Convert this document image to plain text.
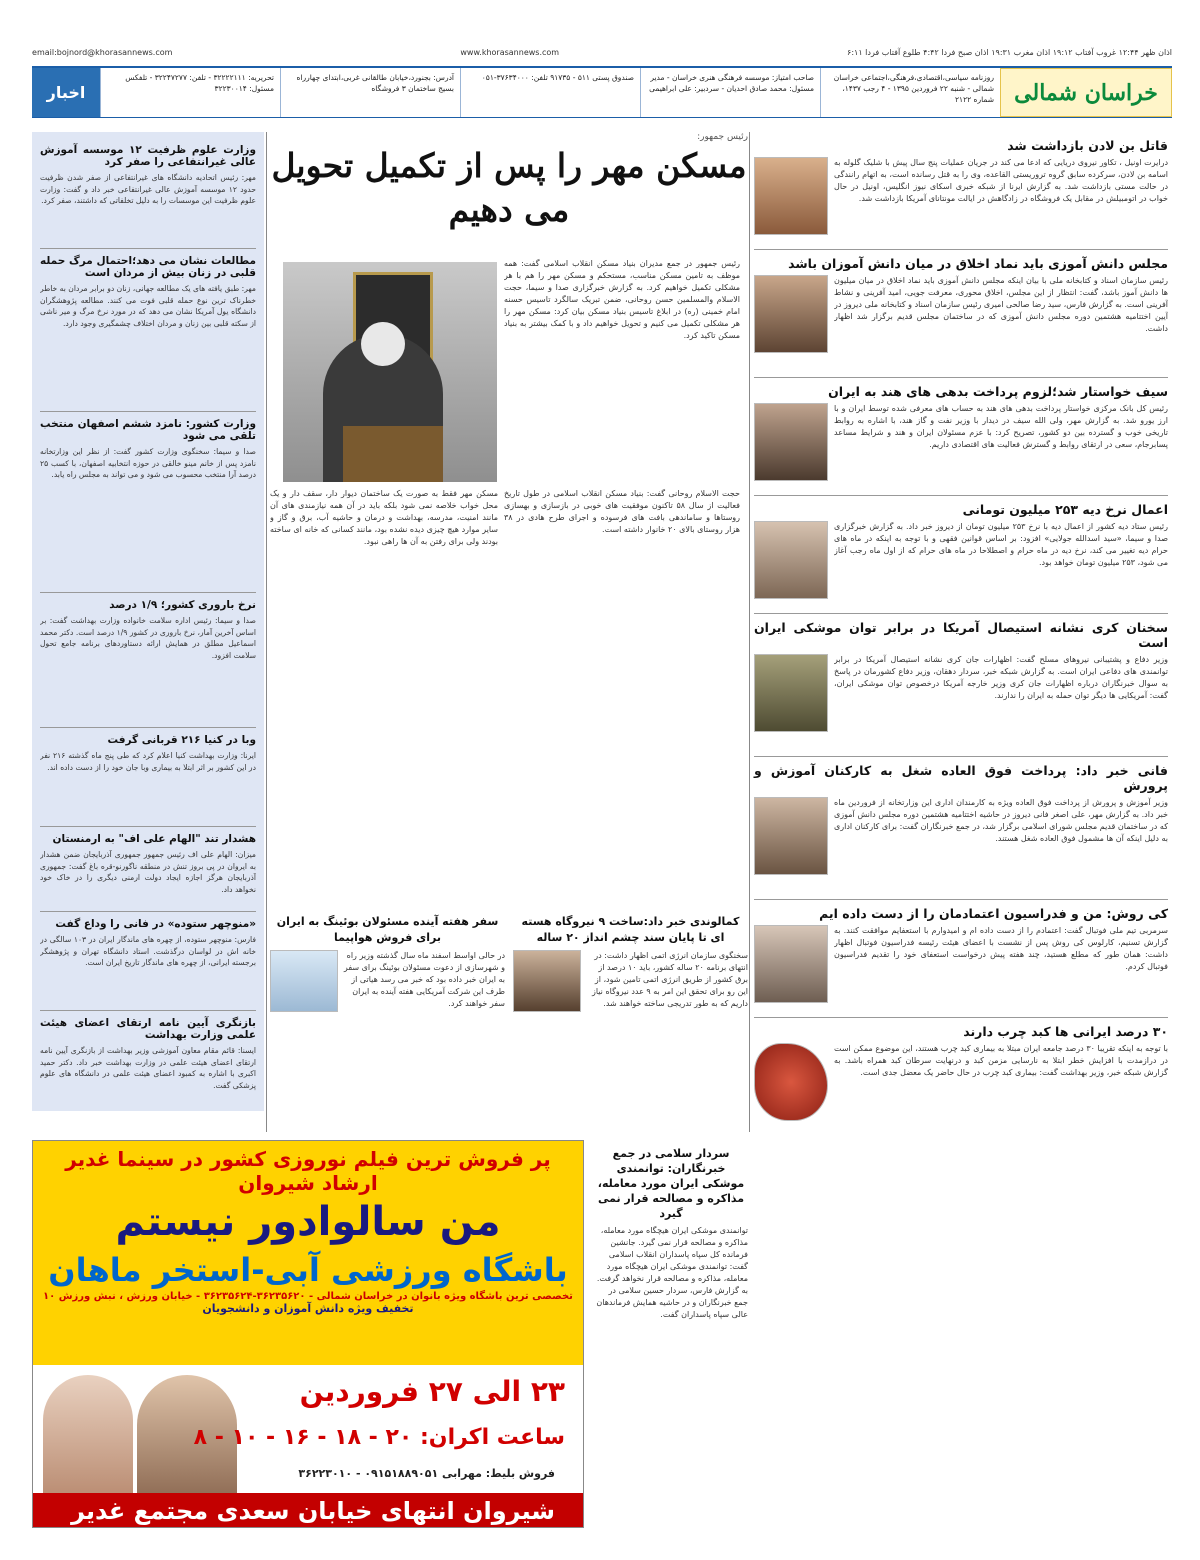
اذان ظهر ۱۲:۴۴ غروب آفتاب ۱۹:۱۲ اذان مغرب ۱۹:۳۱ اذان صبح فردا ۴:۴۲ طلوع آفتاب فردا ۶:۱۱
www.khorasannews.com
email:bojnord@khorasannews.com
خراسان شمالی
روزنامه سیاسی،اقتصادی،فرهنگی،اجتماعی خراسان شمالی - شنبه ۲۲ فروردین ۱۳۹۵ - ۴ رجب ۱۴۳۷، شماره ۲۱۲۲
صاحب امتیاز: موسسه فرهنگی هنری خراسان - مدیر مسئول: محمد صادق احدیان - سردبیر: علی ابراهیمی
صندوق پستی ۵۱۱ - ۹۱۷۳۵ تلفن: ۳۷۶۳۴۰۰۰-۰۵۱
آدرس: بجنورد،خیابان طالقانی غربی،ابتدای چهارراه بسیج ساختمان ۳ فروشگاه
تحریریه: ۳۲۲۲۲۱۱۱ - تلفن: ۳۲۲۴۷۲۷۷ - تلفکس مسئول: ۳۲۲۳۰۰۱۴
اخبار
قاتل بن لادن بازداشت شد
درایرت اونیل ، تکاور نیروی دریایی که ادعا می کند در جریان عملیات پنج سال پیش با شلیک گلوله به اسامه بن لادن، سرکرده سابق گروه تروریستی القاعده، وی را به قتل رسانده است، به اتهام رانندگی در حالت مستی بازداشت شد. به گزارش ایرنا از شبکه خبری اسکای نیوز انگلیس، اونیل در حال خواب در اتومبیلش در مقابل یک فروشگاه در زادگاهش در ایالت مونتانای آمریکا بازداشت شد.
مجلس دانش آموزی باید نماد اخلاق در میان دانش آموزان باشد
رئیس سازمان اسناد و کتابخانه ملی با بیان اینکه مجلس دانش آموزی باید نماد اخلاق در میان میلیون ها دانش آموز باشد، گفت: انتظار از این مجلس، اخلاق محوری، معرفت جویی، امید آفرینی و نشاط آفرینی است. به گزارش فارس، سید رضا صالحی امیری رئیس سازمان اسناد و کتابخانه ملی دیروز در آیین اختتامیه هشتمین دوره مجلس دانش آموزی که در ساختمان مجلس قدیم برگزار شد اظهار داشت.
سیف خواستار شد؛لزوم پرداخت بدهی های هند به ایران
رئیس کل بانک مرکزی خواستار پرداخت بدهی های هند به حساب های معرفی شده توسط ایران و با ارز یورو شد. به گزارش مهر، ولی الله سیف در دیدار با وزیر نفت و گاز هند، با اشاره به روابط تاریخی خوب و گسترده بین دو کشور، تصریح کرد: با عزم مسئولان ایران و هند و شرایط مساعد پسابرجام، سعی در ارتقای روابط و گسترش فعالیت های اقتصادی داریم.
اعمال نرخ دیه ۲۵۳ میلیون تومانی
رئیس ستاد دیه کشور از اعمال دیه با نرخ ۲۵۳ میلیون تومان از دیروز خبر داد. به گزارش خبرگزاری صدا و سیما، «سید اسدالله جولایی» افزود: بر اساس قوانین فقهی و با توجه به اینکه در ماه های حرام دیه تغییر می کند، نرخ دیه در ماه حرام و اصطلاحا در ماه های حرام که از اول ماه رجب آغاز می شود، ۲۵۳ میلیون تومان خواهد بود.
سخنان کری نشانه استیصال آمریکا در برابر توان موشکی ایران است
وزیر دفاع و پشتیبانی نیروهای مسلح گفت: اظهارات جان کری نشانه استیصال آمریکا در برابر توانمندی های دفاعی ایران است. به گزارش شبکه خبر، سردار دهقان، وزیر دفاع کشورمان در پاسخ به سوال خبرنگاران درباره اظهارات جان کری وزیر خارجه آمریکا درخصوص توان موشکی ایران، گفت: آمریکایی ها دیگر توان حمله به ایران را ندارند.
فانی خبر داد: پرداخت فوق العاده شغل به کارکنان آموزش و پرورش
وزیر آموزش و پرورش از پرداخت فوق العاده ویژه به کارمندان اداری این وزارتخانه از فروردین ماه خبر داد. به گزارش مهر، علی اصغر فانی دیروز در حاشیه اختتامیه هشتمین دوره مجلس دانش آموزی که در ساختمان قدیم مجلس شورای اسلامی برگزار شد، در جمع خبرنگاران گفت: برای کارکنان اداری به دلیل اینکه آن ها مشمول فوق العاده شغل هستند.
کی روش: من و فدراسیون اعتمادمان را از دست داده ایم
سرمربی تیم ملی فوتبال گفت: اعتمادم را از دست داده ام و امیدوارم با استعفایم موافقت کنند. به گزارش تسنیم، کارلوس کی روش پس از نشست با اعضای هیئت رئیسه فدراسیون فوتبال اظهار داشت: همان طور که مطلع هستید، چند هفته پیش درخواست استعفای خود را تقدیم فدراسیون فوتبال کردم.
۳۰ درصد ایرانی ها کبد چرب دارند
با توجه به اینکه تقریبا ۳۰ درصد جامعه ایران مبتلا به بیماری کبد چرب هستند، این موضوع ممکن است در درازمدت با افزایش خطر ابتلا به نارسایی مزمن کبد و درنهایت سرطان کبد همراه باشد. به گزارش شبکه خبر، وزیر بهداشت گفت: بیماری کبد چرب در حال حاضر یک معضل جدی است.
رئیس جمهور:
مسکن مهر را پس از تکمیل تحویل می دهیم
رئیس جمهور در جمع مدیران بنیاد مسکن انقلاب اسلامی گفت: همه موظف به تامین مسکن مناسب، مستحکم و مسکن مهر را هم با هر مشکلی تکمیل خواهیم کرد. به گزارش خبرگزاری صدا و سیما، حجت الاسلام والمسلمین حسن روحانی، ضمن تبریک سالگرد تاسیس حسنه امام خمینی (ره) در ابلاغ تاسیس بنیاد مسکن بیان کرد: مسکن مهر را هر مشکلی تکمیل می کنیم و تحویل خواهیم داد و با کمک بیشتر به بنیاد مسکن تاکید کرد.
مسکن مهر فقط به صورت یک ساختمان دیوار دار، سقف دار و یک محل خواب خلاصه نمی شود بلکه باید در آن همه نیازمندی های آن مانند امنیت، مدرسه، بهداشت و درمان و حاشیه آب، برق و گاز و سایر موارد هیچ چیزی دیده نشده بود، مانند کسانی که خانه ای ساخته بودند ولی برای رفتن به آن ها راهی نبود.
حجت الاسلام روحانی گفت: بنیاد مسکن انقلاب اسلامی در طول تاریخ فعالیت از سال ۵۸ تاکنون موفقیت های خوبی در بازسازی و بهسازی روستاها و ساماندهی بافت های فرسوده و اجرای طرح هادی در ۳۸ هزار روستای بالای ۲۰ خانوار داشته است.
کمالوندی خبر داد:ساخت ۹ نیروگاه هسته ای تا پایان سند چشم انداز ۲۰ ساله
سخنگوی سازمان انرژی اتمی اظهار داشت: در انتهای برنامه ۲۰ ساله کشور، باید ۱۰ درصد از برق کشور از طریق انرژی اتمی تامین شود، از این رو برای تحقق این امر به ۹ عدد نیروگاه نیاز داریم که به طور تدریجی ساخته خواهند شد.
سفر هفته آینده مسئولان بوئینگ به ایران برای فروش هواپیما
در حالی اواسط اسفند ماه سال گذشته وزیر راه و شهرسازی از دعوت مسئولان بوئینگ برای سفر به ایران خبر داده بود که خبر می رسد هیاتی از طرف این شرکت آمریکایی هفته آینده به ایران سفر خواهند کرد.
وزارت علوم ظرفیت ۱۲ موسسه آموزش عالی غیرانتفاعی را صفر کرد
مهر: رئیس اتحادیه دانشگاه های غیرانتفاعی از صفر شدن ظرفیت حدود ۱۲ موسسه آموزش عالی غیرانتفاعی خبر داد و گفت: وزارت علوم ظرفیت این موسسات را به دلیل تخلفاتی که داشتند، صفر کرد.
مطالعات نشان می دهد؛احتمال مرگ حمله قلبی در زنان بیش از مردان است
مهر: طبق یافته های یک مطالعه جهانی، زنان دو برابر مردان به خاطر خطرناک ترین نوع حمله قلبی فوت می کنند. مطالعه پژوهشگران دانشگاه یول آمریکا نشان می دهد که در مورد نرخ مرگ و میر ناشی از سکته قلبی بین زنان و مردان اختلاف چشمگیری وجود دارد.
وزارت کشور: نامزد ششم اصفهان منتخب تلقی می شود
صدا و سیما: سخنگوی وزارت کشور گفت: از نظر این وزارتخانه نامزد پس از خانم مینو خالقی در حوزه انتخابیه اصفهان، با کسب ۲۵ درصد آرا منتخب محسوب می شود و می تواند به مجلس راه یابد.
نرخ باروری کشور؛ ۱/۹ درصد
صدا و سیما: رئیس اداره سلامت خانواده وزارت بهداشت گفت: بر اساس آخرین آمار، نرخ باروری در کشور ۱/۹ درصد است. دکتر محمد اسماعیل مطلق در همایش ارائه دستاوردهای برنامه جامع تحول سلامت افزود.
وبا در کنیا ۲۱۶ قربانی گرفت
ایرنا: وزارت بهداشت کنیا اعلام کرد که طی پنج ماه گذشته ۲۱۶ نفر در این کشور بر اثر ابتلا به بیماری وبا جان خود را از دست داده اند.
هشدار تند "الهام علی اف" به ارمنستان
میزان: الهام علی اف رئیس جمهور جمهوری آذربایجان ضمن هشدار به ایروان در پی بروز تنش در منطقه ناگورنو-قره باغ گفت: جمهوری آذربایجان هرگز اجازه ایجاد دولت ارمنی دیگری را در خاک خود نخواهد داد.
«منوچهر ستوده» در فانی را وداع گفت
فارس: منوچهر ستوده، از چهره های ماندگار ایران در ۱۰۳ سالگی در خانه اش در لواسان درگذشت. استاد دانشگاه تهران و پژوهشگر برجسته ایرانی، از چهره های ماندگار تاریخ ایران است.
بازنگری آیین نامه ارتقای اعضای هیئت علمی وزارت بهداشت
ایسنا: قائم مقام معاون آموزشی وزیر بهداشت از بازنگری آیین نامه ارتقای اعضای هیئت علمی در وزارت بهداشت خبر داد. دکتر حمید اکبری با اشاره به کمبود اعضای هیئت علمی در دانشگاه های علوم پزشکی گفت.
پر فروش ترین فیلم نوروزی کشور در سینما غدیر ارشاد شیروان
من سالوادور نیستم
باشگاه ورزشی آبی-استخر ماهان
تخصصی ترین باشگاه ویژه بانوان در خراسان شمالی - ۳۶۲۳۵۶۲۰-۳۶۲۳۵۶۲۴ - خیابان ورزش ، نبش ورزش ۱۰
تخفیف ویژه دانش آموزان و دانشجویان
۲۳ الی ۲۷ فروردین
ساعت اکران: ۲۰ - ۱۸ - ۱۶ - ۱۰ - ۸
فروش بلیط: مهرابی ۰۹۱۵۱۸۸۹۰۵۱ - ۳۶۲۲۳۰۱۰
شیروان انتهای خیابان سعدی مجتمع غدیر
سردار سلامی در جمع خبرنگاران: توانمندی موشکی ایران مورد معامله، مذاکره و مصالحه قرار نمی گیرد
توانمندی موشکی ایران هیچگاه مورد معامله، مذاکره و مصالحه قرار نمی گیرد. جانشین فرمانده کل سپاه پاسداران انقلاب اسلامی گفت: توانمندی موشکی ایران هیچگاه مورد معامله، مذاکره و مصالحه قرار نخواهد گرفت. به گزارش فارس، سردار حسین سلامی در جمع خبرنگاران و در حاشیه همایش فرماندهان عالی سپاه پاسداران گفت.
